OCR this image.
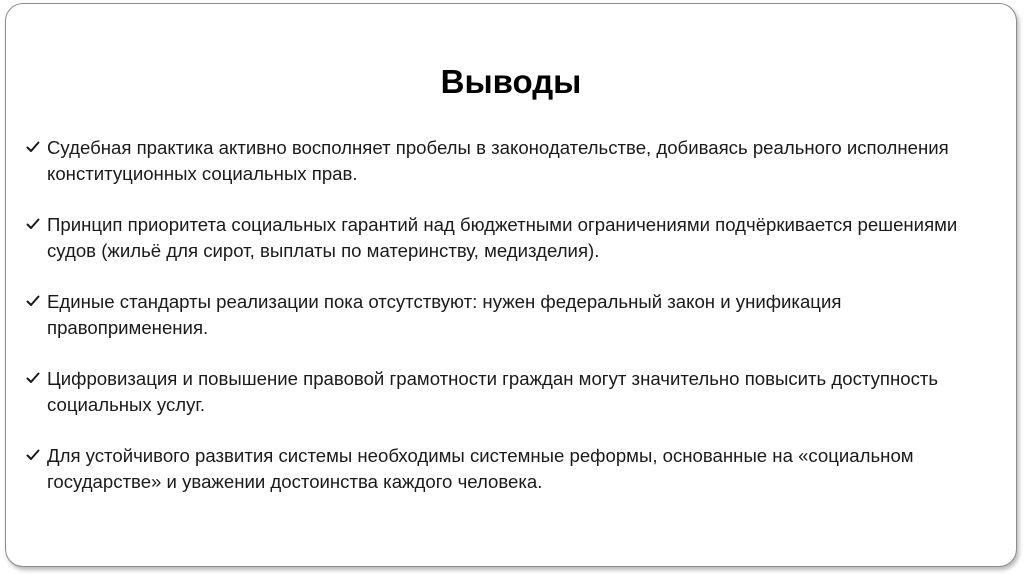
Выводы
Судебная практика активно восполняет пробелы в законодательстве, добиваясь реального исполнения конституционных социальных прав.
Принцип приоритета социальных гарантий над бюджетными ограничениями подчёркивается решениями судов (жильё для сирот, выплаты по материнству, медизделия).
Единые стандарты реализации пока отсутствуют: нужен федеральный закон и унификация правоприменения.
Цифровизация и повышение правовой грамотности граждан могут значительно повысить доступность социальных услуг.
Для устойчивого развития системы необходимы системные реформы, основанные на «социальном государстве» и уважении достоинства каждого человека.
